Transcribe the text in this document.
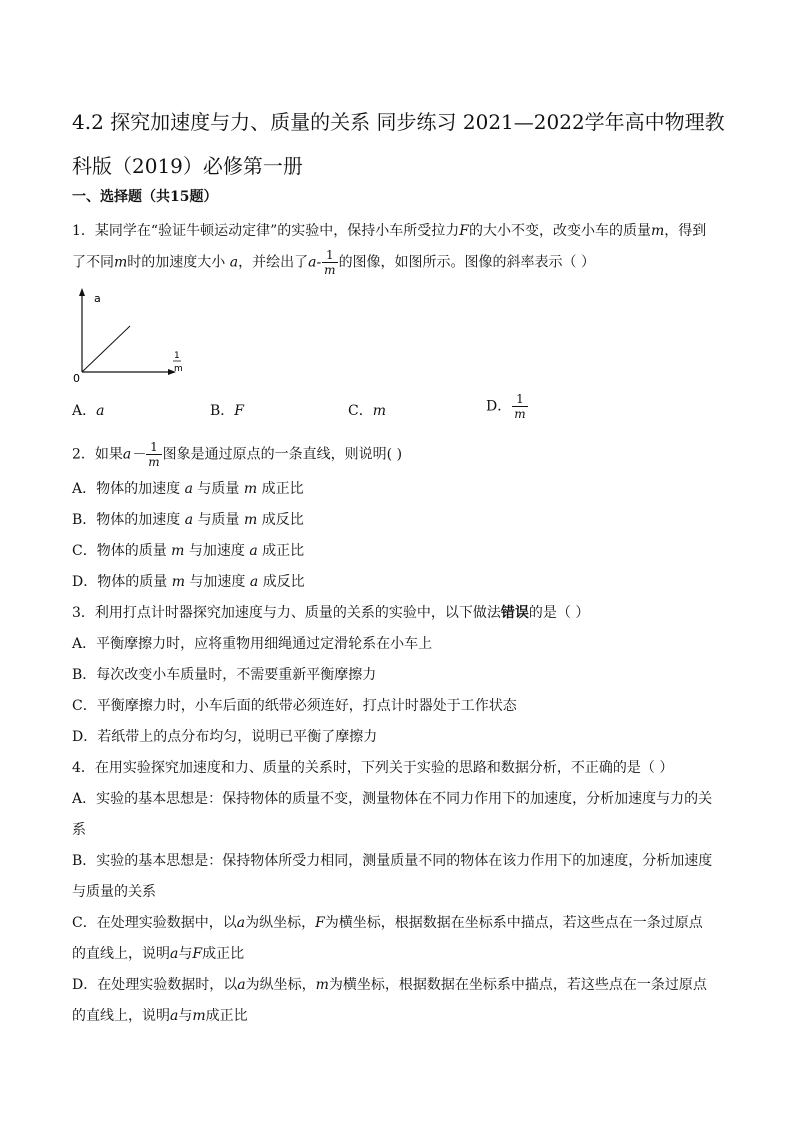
4.2 探究加速度与力、质量的关系 同步练习 2021—2022学年高中物理教科版（2019）必修第一册
一、选择题（共15题）
1．某同学在“验证牛顿运动定律”的实验中，保持小车所受拉力F的大小不变，改变小车的质量m，得到
了不同m时的加速度大小 a，并绘出了$a- \frac{1}{m}$ 的图像，如图所示。图像的斜率表示（ ）
a
0
1
m
A．a	B．F	C．m	D． $\frac{1}{m}$
2．如果$a- \frac{1}{m}$ 图象是通过原点的一条直线，则说明( )
A．物体的加速度 a 与质量 m 成正比
B．物体的加速度 a 与质量 m 成反比
C．物体的质量 m 与加速度 a 成正比
D．物体的质量 m 与加速度 a 成反比
3．利用打点计时器探究加速度与力、质量的关系的实验中，以下做法错误的是（ ）
A．平衡摩擦力时，应将重物用细绳通过定滑轮系在小车上
B．每次改变小车质量时，不需要重新平衡摩擦力
C．平衡摩擦力时，小车后面的纸带必须连好，打点计时器处于工作状态
D．若纸带上的点分布均匀，说明已平衡了摩擦力
4．在用实验探究加速度和力、质量的关系时，下列关于实验的思路和数据分析，不正确的是（ ）
A．实验的基本思想是：保持物体的质量不变，测量物体在不同力作用下的加速度，分析加速度与力的关
系
B．实验的基本思想是：保持物体所受力相同，测量质量不同的物体在该力作用下的加速度，分析加速度
与质量的关系
C．在处理实验数据中，以a为纵坐标，F为横坐标，根据数据在坐标系中描点，若这些点在一条过原点
的直线上，说明a与F成正比
D．在处理实验数据时，以a为纵坐标，m为横坐标，根据数据在坐标系中描点，若这些点在一条过原点
的直线上，说明a与m成正比
